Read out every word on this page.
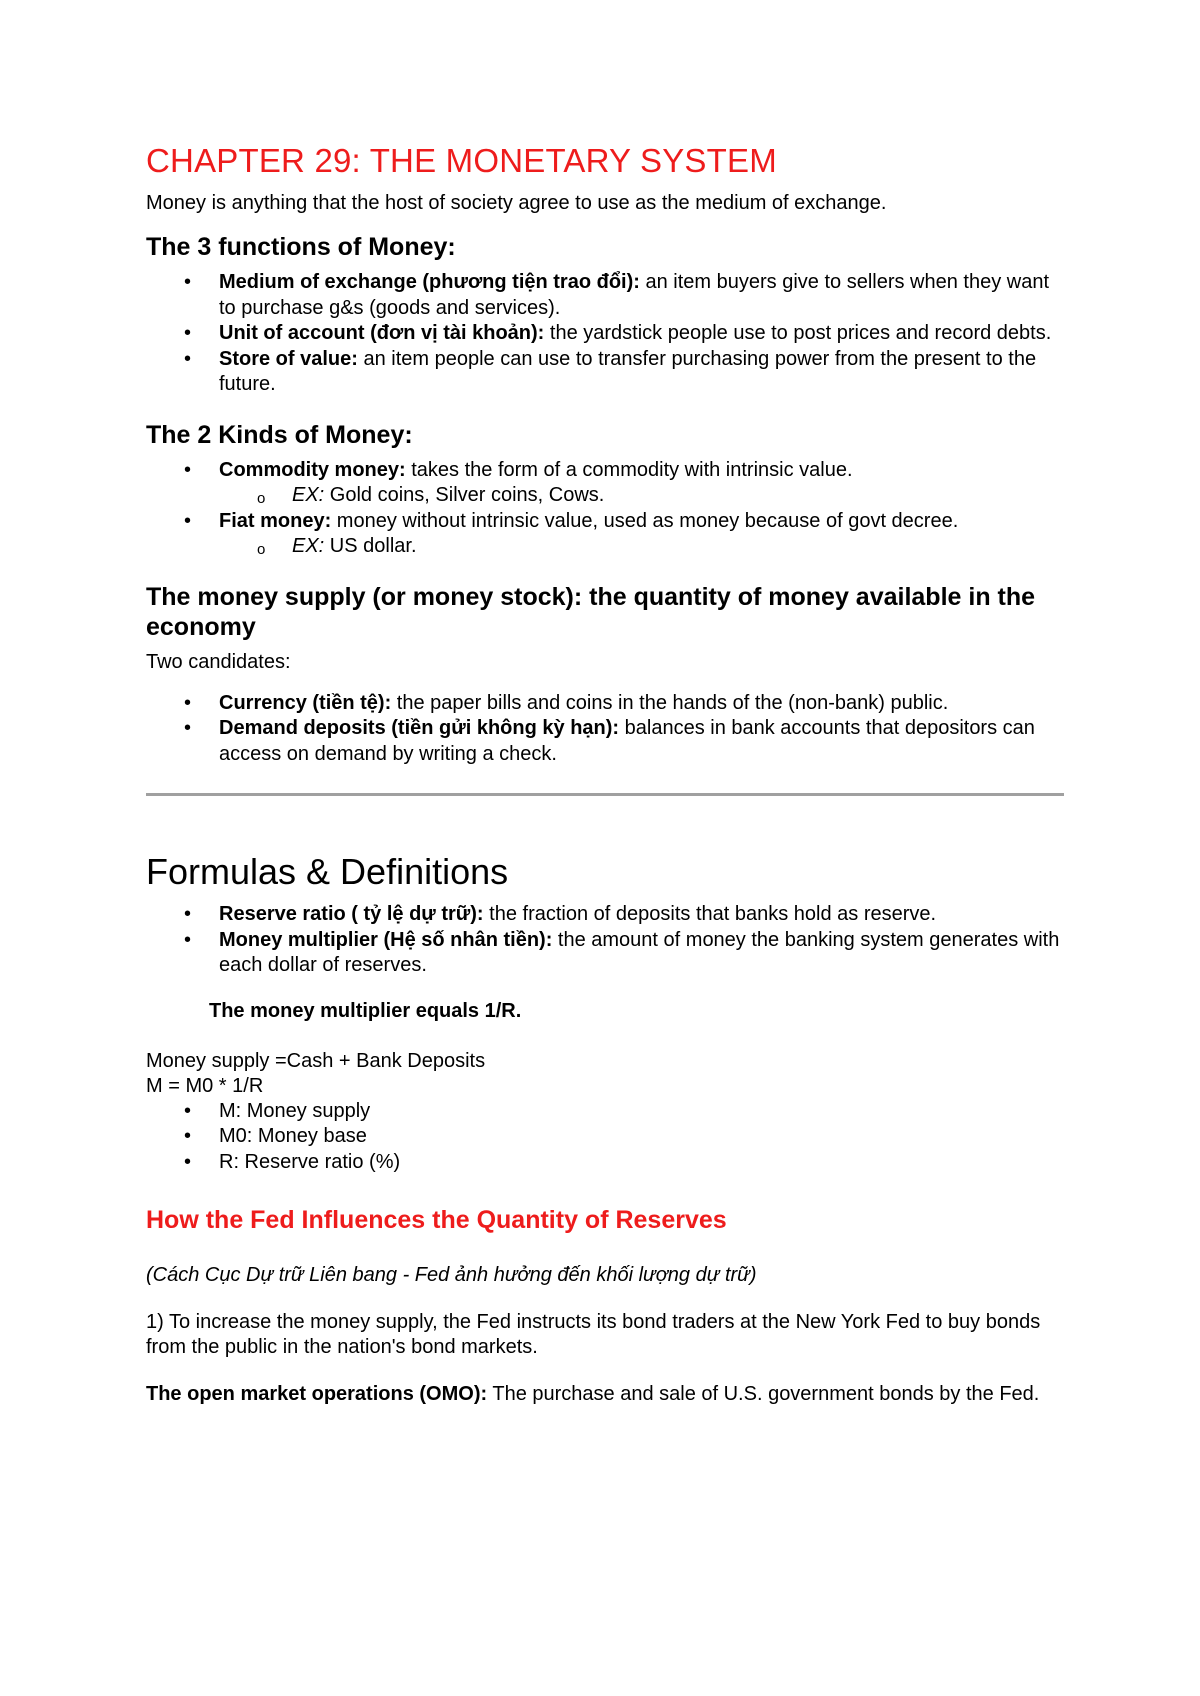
CHAPTER 29: THE MONETARY SYSTEM

Money is anything that the host of society agree to use as the medium of exchange.

The 3 functions of Money:
• Medium of exchange (phương tiện trao đổi): an item buyers give to sellers when they want to purchase g&s (goods and services).
• Unit of account (đơn vị tài khoản): the yardstick people use to post prices and record debts.
• Store of value: an item people can use to transfer purchasing power from the present to the future.
The 2 Kinds of Money:
• Commodity money: takes the form of a commodity with intrinsic value.
o EX: Gold coins, Silver coins, Cows.
• Fiat money: money without intrinsic value, used as money because of govt decree.
o EX: US dollar.
The money supply (or money stock): the quantity of money available in the economy

Two candidates:

• Currency (tiền tệ): the paper bills and coins in the hands of the (non-bank) public.
• Demand deposits (tiền gửi không kỳ hạn): balances in bank accounts that depositors can access on demand by writing a check.
Formulas & Definitions
• Reserve ratio ( tỷ lệ dự trữ): the fraction of deposits that banks hold as reserve.
• Money multiplier (Hệ số nhân tiền): the amount of money the banking system generates with each dollar of reserves.
The money multiplier equals 1/R.

Money supply =Cash + Bank Deposits

M = M0 * 1/R

• M: Money supply
• M0: Money base
• R: Reserve ratio (%)
How the Fed Influences the Quantity of Reserves

(Cách Cục Dự trữ Liên bang - Fed ảnh hưởng đến khối lượng dự trữ)

1) To increase the money supply, the Fed instructs its bond traders at the New York Fed to buy bonds from the public in the nation's bond markets.

The open market operations (OMO): The purchase and sale of U.S. government bonds by the Fed.
